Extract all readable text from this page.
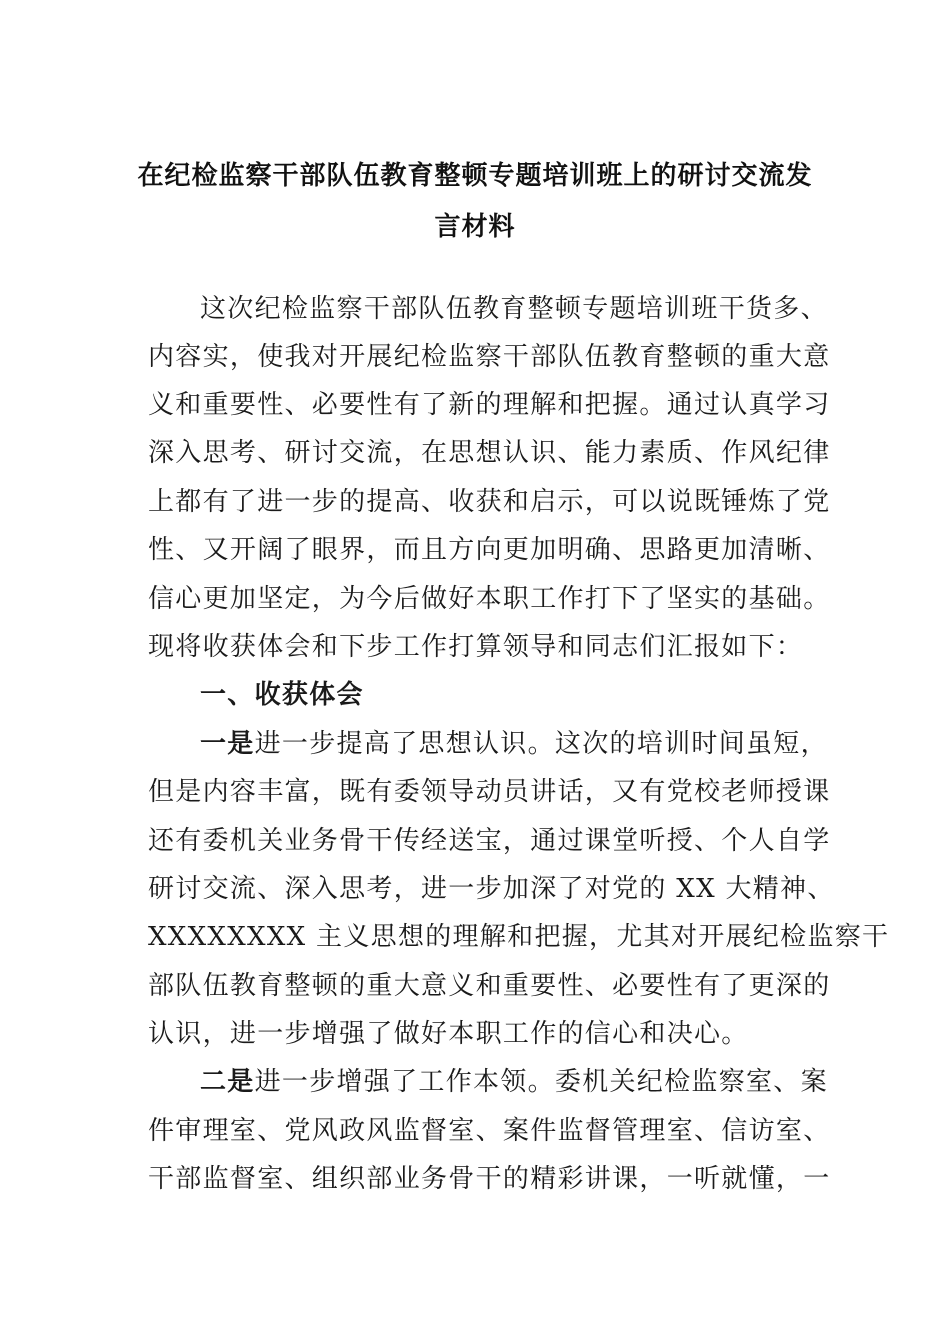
在纪检监察干部队伍教育整顿专题培训班上的研讨交流发
言材料
这次纪检监察干部队伍教育整顿专题培训班干货多、
内容实，使我对开展纪检监察干部队伍教育整顿的重大意
义和重要性、必要性有了新的理解和把握。通过认真学习
深入思考、研讨交流，在思想认识、能力素质、作风纪律
上都有了进一步的提高、收获和启示，可以说既锤炼了党
性、又开阔了眼界，而且方向更加明确、思路更加清晰、
信心更加坚定，为今后做好本职工作打下了坚实的基础。
现将收获体会和下步工作打算领导和同志们汇报如下：
一、收获体会
一是进一步提高了思想认识。这次的培训时间虽短，
但是内容丰富，既有委领导动员讲话，又有党校老师授课
还有委机关业务骨干传经送宝，通过课堂听授、个人自学
研讨交流、深入思考，进一步加深了对党的 XX 大精神、
XXXXXXXX 主义思想的理解和把握，尤其对开展纪检监察干
部队伍教育整顿的重大意义和重要性、必要性有了更深的
认识，进一步增强了做好本职工作的信心和决心。
二是进一步增强了工作本领。委机关纪检监察室、案
件审理室、党风政风监督室、案件监督管理室、信访室、
干部监督室、组织部业务骨干的精彩讲课，一听就懂，一
